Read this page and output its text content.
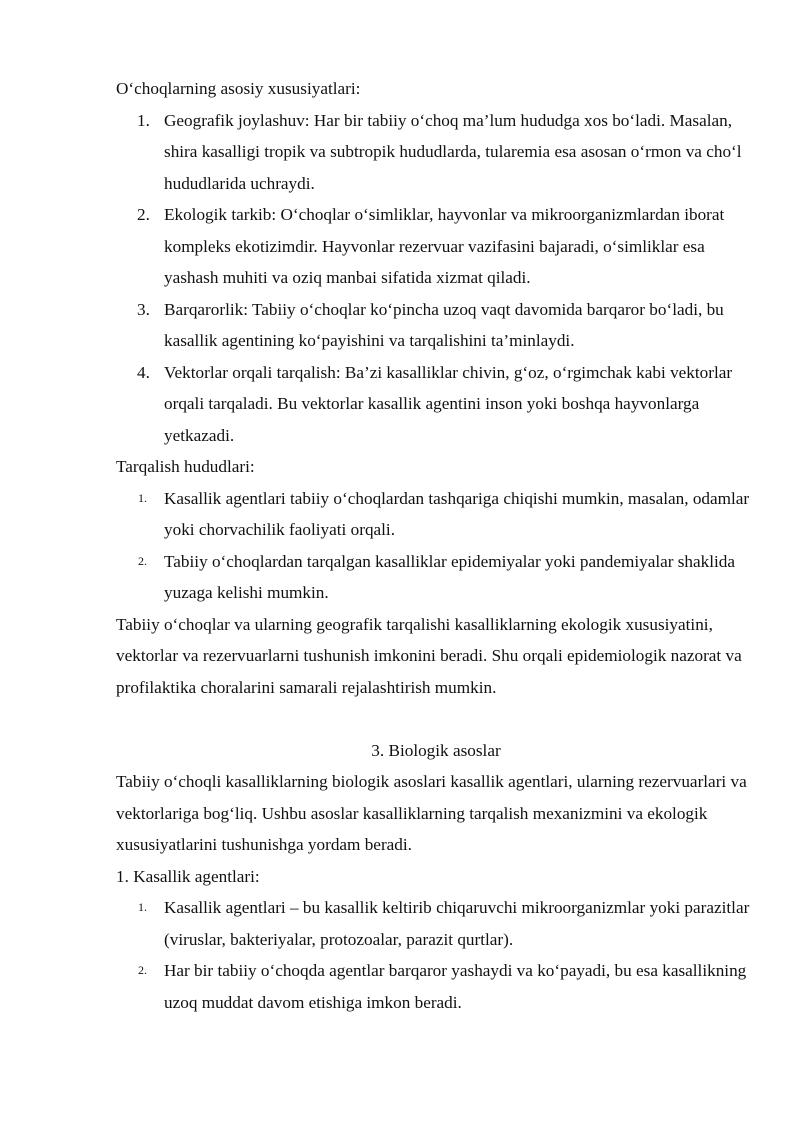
O‘choqlarning asosiy xususiyatlari:

1. Geografik joylashuv: Har bir tabiiy o‘choq ma’lum hududga xos bo‘ladi. Masalan, shira kasalligi tropik va subtropik hududlarda, tularemia esa asosan o‘rmon va cho‘l hududlarida uchraydi.
2. Ekologik tarkib: O‘choqlar o‘simliklar, hayvonlar va mikroorganizmlardan iborat kompleks ekotizimdir. Hayvonlar rezervuar vazifasini bajaradi, o‘simliklar esa yashash muhiti va oziq manbai sifatida xizmat qiladi.
3. Barqarorlik: Tabiiy o‘choqlar ko‘pincha uzoq vaqt davomida barqaror bo‘ladi, bu kasallik agentining ko‘payishini va tarqalishini ta’minlaydi.
4. Vektorlar orqali tarqalish: Ba’zi kasalliklar chivin, g‘oz, o‘rgimchak kabi vektorlar orqali tarqaladi. Bu vektorlar kasallik agentini inson yoki boshqa hayvonlarga yetkazadi.

Tarqalish hududlari:

1. Kasallik agentlari tabiiy o‘choqlardan tashqariga chiqishi mumkin, masalan, odamlar yoki chorvachilik faoliyati orqali.
2. Tabiiy o‘choqlardan tarqalgan kasalliklar epidemiyalar yoki pandemiyalar shaklida yuzaga kelishi mumkin.

Tabiiy o‘choqlar va ularning geografik tarqalishi kasalliklarning ekologik xususiyatini, vektorlar va rezervuarlarni tushunish imkonini beradi. Shu orqali epidemiologik nazorat va profilaktika choralarini samarali rejalashtirish mumkin.

3. Biologik asoslar

Tabiiy o‘choqli kasalliklarning biologik asoslari kasallik agentlari, ularning rezervuarlari va vektorlariga bog‘liq. Ushbu asoslar kasalliklarning tarqalish mexanizmini va ekologik xususiyatlarini tushunishga yordam beradi.

1. Kasallik agentlari:

1. Kasallik agentlari – bu kasallik keltirib chiqaruvchi mikroorganizmlar yoki parazitlar (viruslar, bakteriyalar, protozoalar, parazit qurtlar).
2. Har bir tabiiy o‘choqda agentlar barqaror yashaydi va ko‘payadi, bu esa kasallikning uzoq muddat davom etishiga imkon beradi.
